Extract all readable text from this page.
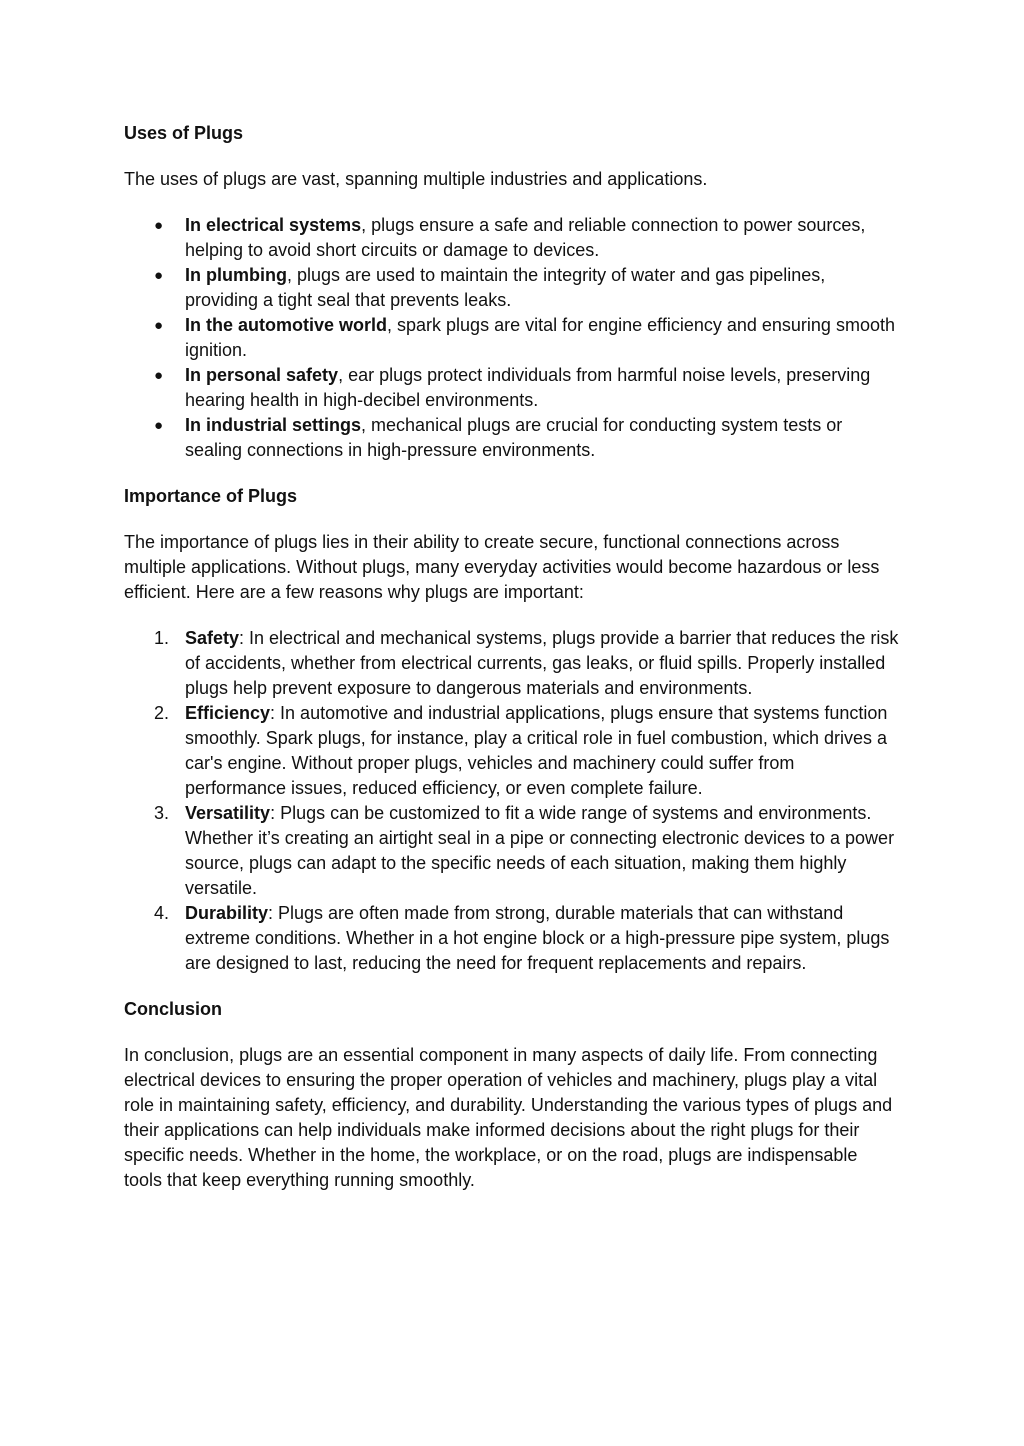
Uses of Plugs
The uses of plugs are vast, spanning multiple industries and applications.
● In electrical systems, plugs ensure a safe and reliable connection to power sources, helping to avoid short circuits or damage to devices.
● In plumbing, plugs are used to maintain the integrity of water and gas pipelines, providing a tight seal that prevents leaks.
● In the automotive world, spark plugs are vital for engine efficiency and ensuring smooth ignition.
● In personal safety, ear plugs protect individuals from harmful noise levels, preserving hearing health in high-decibel environments.
● In industrial settings, mechanical plugs are crucial for conducting system tests or sealing connections in high-pressure environments.
Importance of Plugs
The importance of plugs lies in their ability to create secure, functional connections across multiple applications. Without plugs, many everyday activities would become hazardous or less efficient. Here are a few reasons why plugs are important:
1. Safety: In electrical and mechanical systems, plugs provide a barrier that reduces the risk of accidents, whether from electrical currents, gas leaks, or fluid spills. Properly installed plugs help prevent exposure to dangerous materials and environments.
2. Efficiency: In automotive and industrial applications, plugs ensure that systems function smoothly. Spark plugs, for instance, play a critical role in fuel combustion, which drives a car's engine. Without proper plugs, vehicles and machinery could suffer from performance issues, reduced efficiency, or even complete failure.
3. Versatility: Plugs can be customized to fit a wide range of systems and environments. Whether it’s creating an airtight seal in a pipe or connecting electronic devices to a power source, plugs can adapt to the specific needs of each situation, making them highly versatile.
4. Durability: Plugs are often made from strong, durable materials that can withstand extreme conditions. Whether in a hot engine block or a high-pressure pipe system, plugs are designed to last, reducing the need for frequent replacements and repairs.
Conclusion
In conclusion, plugs are an essential component in many aspects of daily life. From connecting electrical devices to ensuring the proper operation of vehicles and machinery, plugs play a vital role in maintaining safety, efficiency, and durability. Understanding the various types of plugs and their applications can help individuals make informed decisions about the right plugs for their specific needs. Whether in the home, the workplace, or on the road, plugs are indispensable tools that keep everything running smoothly.
